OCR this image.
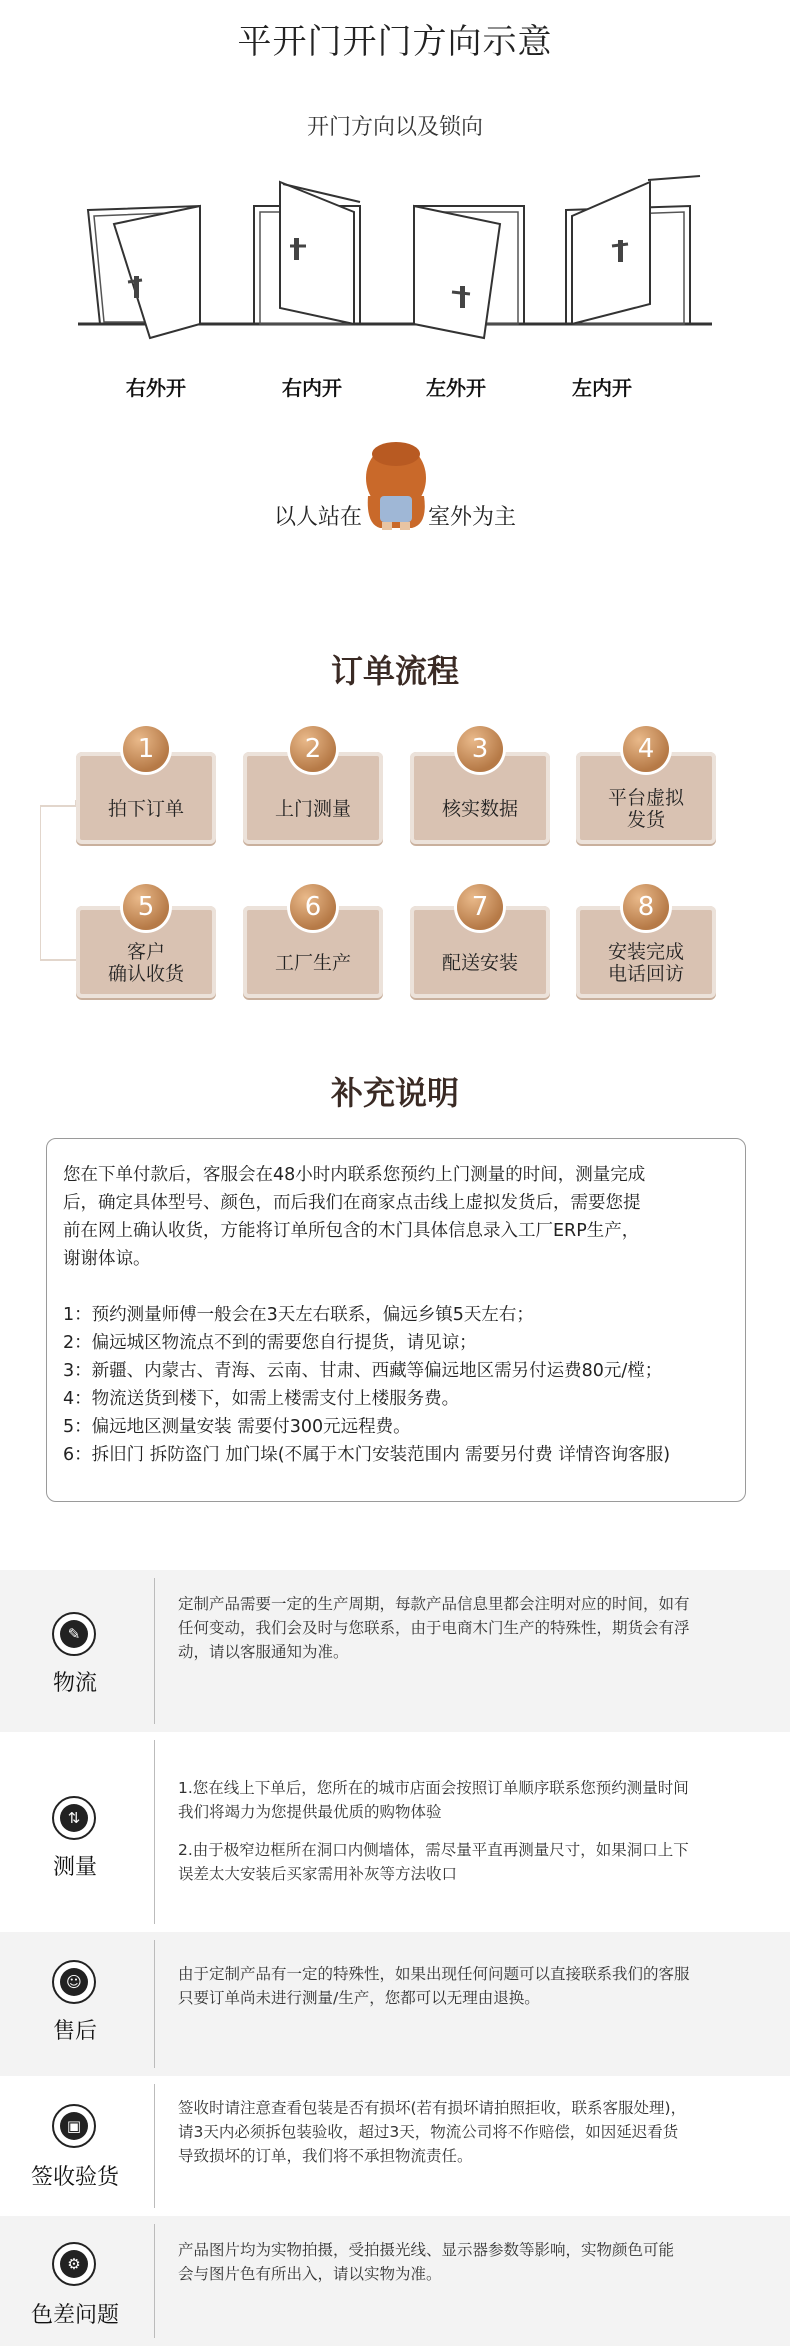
平开门开门方向示意
开门方向以及锁向
右外开	右内开	左外开	左内开
以人站在	室外为主
订单流程
拍下订单
1
上门测量
2
核实数据
3
平台虚拟
发货
4
客户
确认收货
5
工厂生产
6
配送安装
7
安装完成
电话回访
8
补充说明

您在下单付款后，客服会在48小时内联系您预约上门测量的时间，测量完成

后，确定具体型号、颜色，而后我们在商家点击线上虚拟发货后，需要您提

前在网上确认收货，方能将订单所包含的木门具体信息录入工厂ERP生产，

谢谢体谅。

1：预约测量师傅一般会在3天左右联系，偏远乡镇5天左右；

2：偏远城区物流点不到的需要您自行提货，请见谅；

3：新疆、内蒙古、青海、云南、甘肃、西藏等偏远地区需另付运费80元/樘；

4：物流送货到楼下，如需上楼需支付上楼服务费。

5：偏远地区测量安装 需要付300元远程费。

6：拆旧门 拆防盗门 加门垛(不属于木门安装范围内 需要另付费 详情咨询客服)

✎
物流

定制产品需要一定的生产周期，每款产品信息里都会注明对应的时间，如有

任何变动，我们会及时与您联系，由于电商木门生产的特殊性，期货会有浮

动，请以客服通知为准。

⇅
测量

1.您在线上下单后，您所在的城市店面会按照订单顺序联系您预约测量时间

我们将竭力为您提供最优质的购物体验

2.由于极窄边框所在洞口内侧墙体，需尽量平直再测量尺寸，如果洞口上下

误差太大安装后买家需用补灰等方法收口

☺
售后

由于定制产品有一定的特殊性，如果出现任何问题可以直接联系我们的客服

只要订单尚未进行测量/生产，您都可以无理由退换。

▣
签收验货

签收时请注意查看包装是否有损坏(若有损坏请拍照拒收，联系客服处理)，

请3天内必须拆包装验收，超过3天，物流公司将不作赔偿，如因延迟看货

导致损坏的订单，我们将不承担物流责任。

⚙
色差问题

产品图片均为实物拍摄，受拍摄光线、显示器参数等影响，实物颜色可能

会与图片色有所出入，请以实物为准。
